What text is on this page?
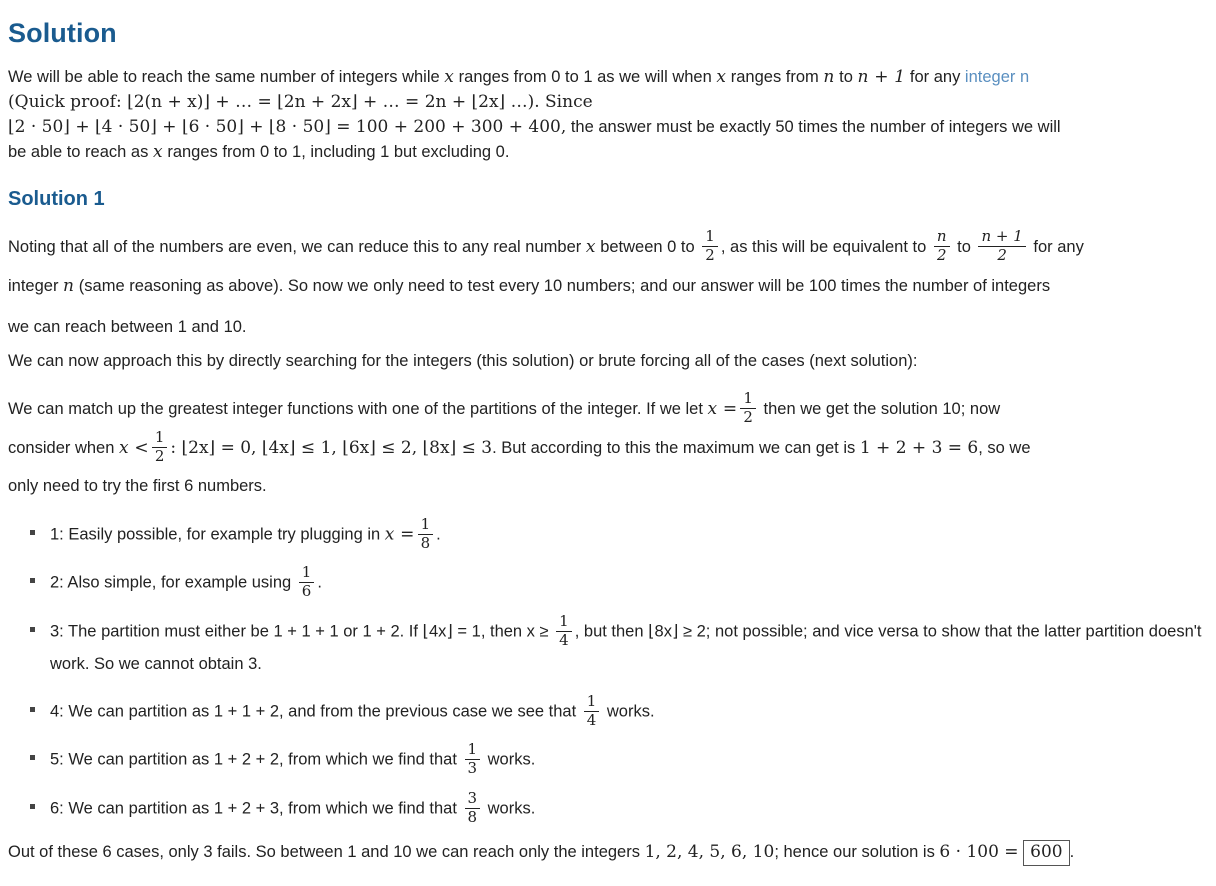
Solution

We will be able to reach the same number of integers while x ranges from 0 to 1 as we will when x ranges from n to n + 1 for any integer n
(Quick proof: ⌊2(n + x)⌋ + … = ⌊2n + 2x⌋ + … = 2n + ⌊2x⌋ …). Since
⌊2 · 50⌋ + ⌊4 · 50⌋ + ⌊6 · 50⌋ + ⌊8 · 50⌋ = 100 + 200 + 300 + 400, the answer must be exactly 50 times the number of integers we will
be able to reach as x ranges from 0 to 1, including 1 but excluding 0.

Solution 1

Noting that all of the numbers are even, we can reduce this to any real number x between 0 to $\frac{1}{2}$ , as this will be equivalent to $\frac{n}{2}$ to $\frac{n + 1}{2}$ for any
integer n (same reasoning as above). So now we only need to test every 10 numbers; and our answer will be 100 times the number of integers

we can reach between 1 and 10.

We can now approach this by directly searching for the integers (this solution) or brute forcing all of the cases (next solution):

We can match up the greatest integer functions with one of the partitions of the integer. If we let $x = \frac{1}{2}$ then we get the solution 10; now
consider when $x < \frac{1}{2}$ : ⌊2x⌋ = 0, ⌊4x⌋ ≤ 1, ⌊6x⌋ ≤ 2, ⌊8x⌋ ≤ 3. But according to this the maximum we can get is 1 + 2 + 3 = 6, so we
only need to try the first 6 numbers.

1: Easily possible, for example try plugging in $x = \frac{1}{8}$ .
2: Also simple, for example using $\frac{1}{6}$ .
3: The partition must either be 1 + 1 + 1 or 1 + 2. If ⌊4x⌋ = 1, then $x \ge \frac{1}{4}$ , but then ⌊8x⌋ ≥ 2; not possible; and vice versa to show that the latter partition doesn't work. So we cannot obtain 3.
4: We can partition as 1 + 1 + 2, and from the previous case we see that $\frac{1}{4}$ works.
5: We can partition as 1 + 2 + 2, from which we find that $\frac{1}{3}$ works.
6: We can partition as 1 + 2 + 3, from which we find that $\frac{3}{8}$ works.

Out of these 6 cases, only 3 fails. So between 1 and 10 we can reach only the integers 1, 2, 4, 5, 6, 10; hence our solution is 6 · 100 = 600 .
